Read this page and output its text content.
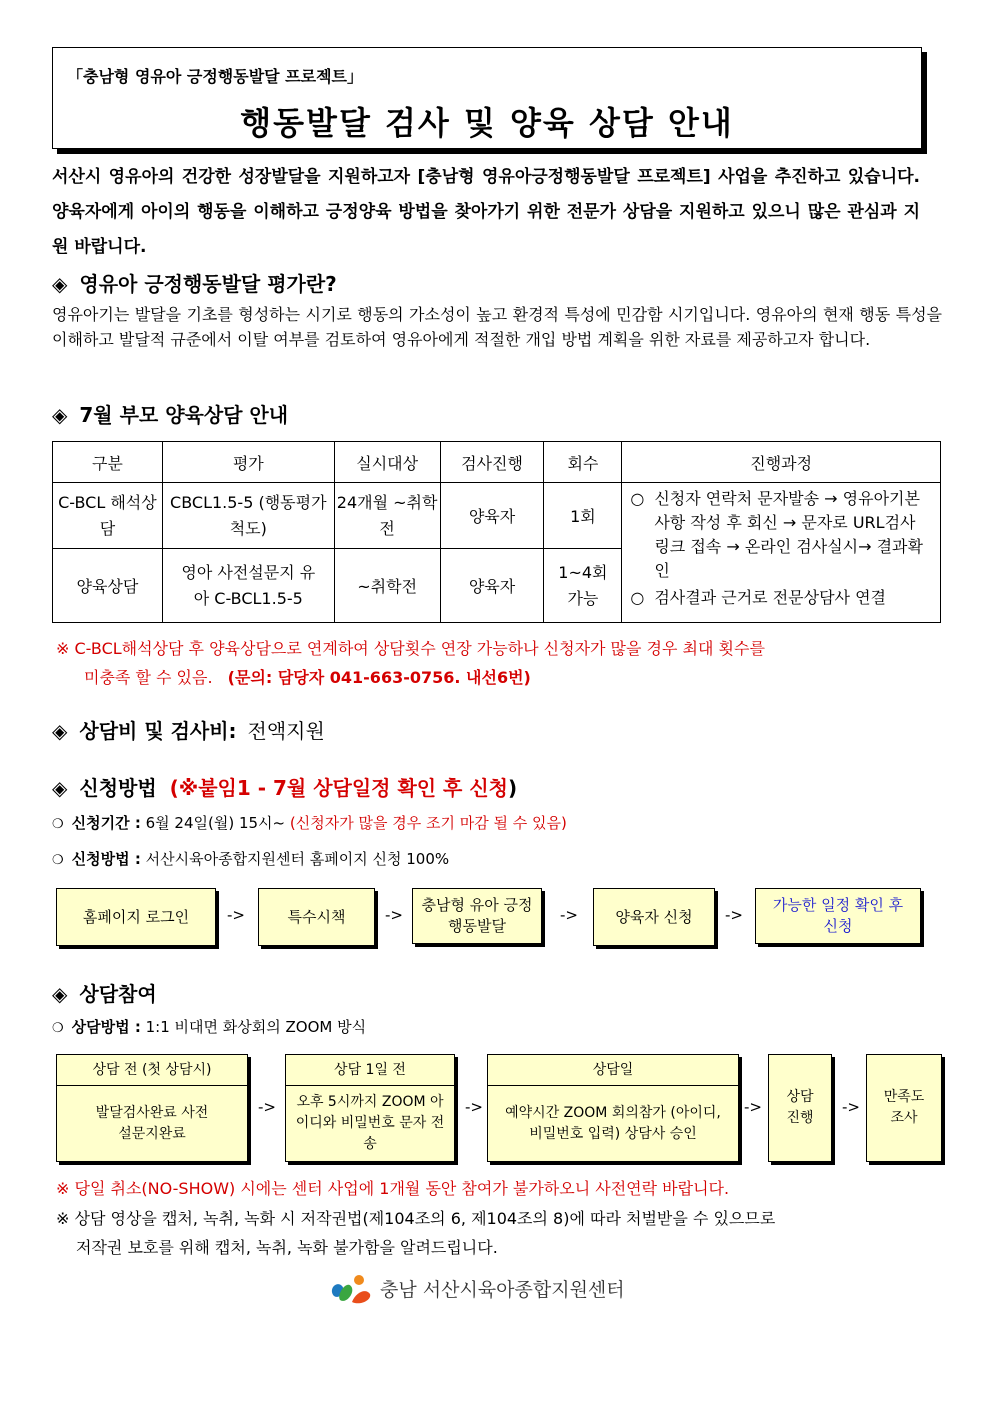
「충남형 영유아 긍정행동발달 프로젝트」
행동발달 검사 및 양육 상담 안내
서산시 영유아의 건강한 성장발달을 지원하고자 [충남형 영유아긍정행동발달 프로젝트] 사업을 추진하고 있습니다. 양육자에게 아이의 행동을 이해하고 긍정양육 방법을 찾아가기 위한 전문가 상담을 지원하고 있으니 많은 관심과 지원 바랍니다.
◈ 영유아 긍정행동발달 평가란?
영유아기는 발달을 기초를 형성하는 시기로 행동의 가소성이 높고 환경적 특성에 민감함 시기입니다. 영유아의 현재 행동 특성을 이해하고 발달적 규준에서 이탈 여부를 검토하여 영유아에게 적절한 개입 방법 계획을 위한 자료를 제공하고자 합니다.
◈ 7월 부모 양육상담 안내
구분	평가	실시대상	검사진행	회수	진행과정
C-BCL 해석상담	CBCL1.5-5 (행동평가척도)	24개월 ~취학전	양육자	1회	○ 신청자 연락처 문자발송 → 영유아기본사항 작성 후 회신 → 문자로 URL검사 링크 접속 → 온라인 검사실시→ 결과확인
○ 검사결과 근거로 전문상담사 연결

양육상담	영아 사전설문지 유아 C-BCL1.5-5	~취학전	양육자	1~4회 가능	
※ C-BCL해석상담 후 양육상담으로 연계하여 상담횟수 연장 가능하나 신청자가 많을 경우 최대 횟수를
미충족 할 수 있음. (문의: 담당자 041-663-0756. 내선6번)
◈ 상담비 및 검사비: 전액지원
◈ 신청방법 (※붙임1 - 7월 상담일정 확인 후 신청)
❍ 신청기간 : 6월 24일(월) 15시~ (신청자가 많을 경우 조기 마감 될 수 있음)
❍ 신청방법 : 서산시육아종합지원센터 홈페이지 신청 100%
홈페이지 로그인	->	특수시책	->
충남형 유아 긍정행동발달
->	양육자 신청	->
가능한 일정 확인 후 신청
◈ 상담참여
❍ 상담방법 : 1:1 비대면 화상회의 ZOOM 방식
상담 전 (첫 상담시)
발달검사완료 사전설문지완료
->
상담 1일 전
오후 5시까지 ZOOM 아이디와 비밀번호 문자 전송
->
상담일
예약시간 ZOOM 회의참가 (아이디,비밀번호 입력) 상담사 승인
->
상담 진행
->
만족도 조사
※ 당일 취소(NO-SHOW) 시에는 센터 사업에 1개월 동안 참여가 불가하오니 사전연락 바랍니다.
※ 상담 영상을 캡처, 녹취, 녹화 시 저작권법(제104조의 6, 제104조의 8)에 따라 처벌받을 수 있으므로
저작권 보호를 위해 캡처, 녹취, 녹화 불가함을 알려드립니다.
충남 서산시육아종합지원센터
